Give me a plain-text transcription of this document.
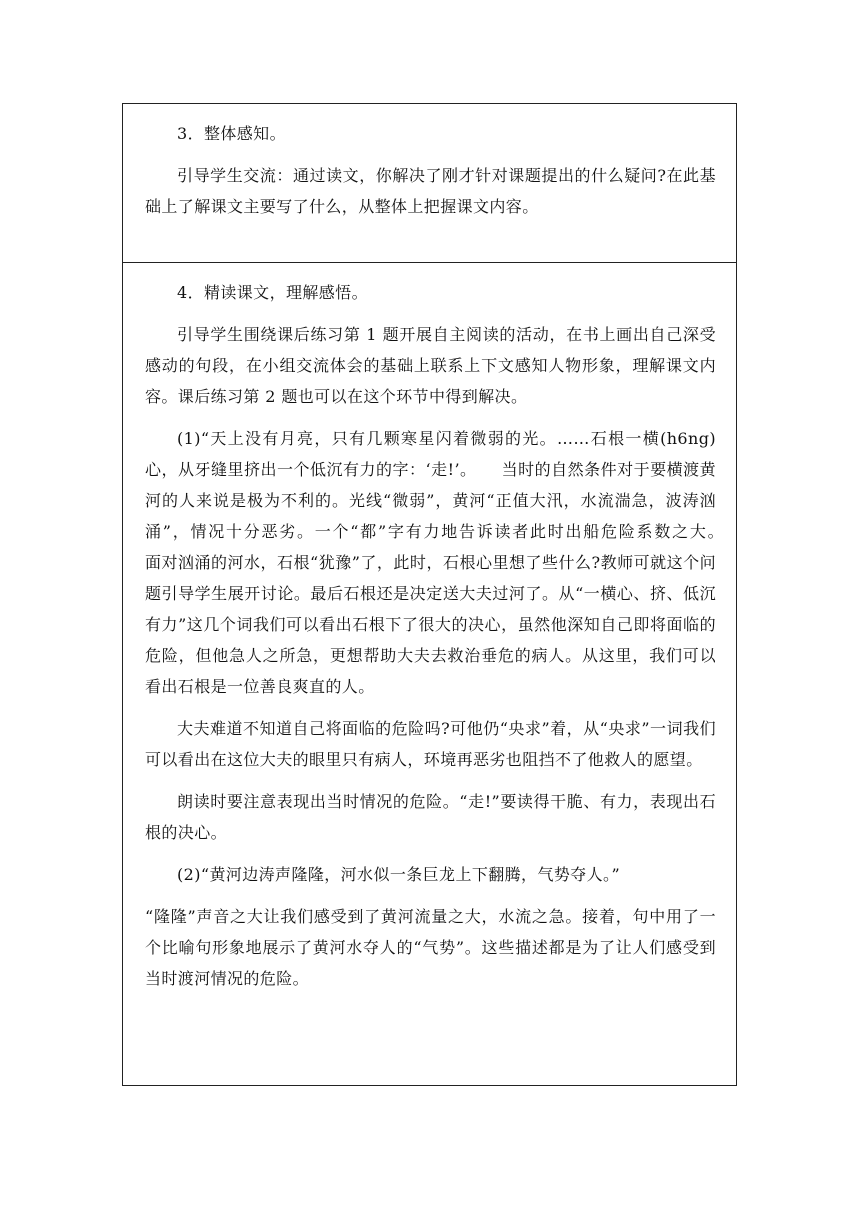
3．整体感知。

引导学生交流：通过读文，你解决了刚才针对课题提出的什么疑问?在此基础上了解课文主要写了什么，从整体上把握课文内容。

4．精读课文，理解感悟。

引导学生围绕课后练习第 1 题开展自主阅读的活动，在书上画出自己深受感动的句段，在小组交流体会的基础上联系上下文感知人物形象，理解课文内容。课后练习第 2 题也可以在这个环节中得到解决。

(1)“天上没有月亮，只有几颗寒星闪着微弱的光。……石根一横(h6ng)心，从牙缝里挤出一个低沉有力的字：‘走!’。　　当时的自然条件对于要横渡黄河的人来说是极为不利的。光线“微弱”，黄河“正值大汛，水流湍急，波涛汹涌”，情况十分恶劣。一个“都”字有力地告诉读者此时出船危险系数之大。　　面对汹涌的河水，石根“犹豫”了，此时，石根心里想了些什么?教师可就这个问题引导学生展开讨论。最后石根还是决定送大夫过河了。从“一横心、挤、低沉有力”这几个词我们可以看出石根下了很大的决心，虽然他深知自己即将面临的危险，但他急人之所急，更想帮助大夫去救治垂危的病人。从这里，我们可以看出石根是一位善良爽直的人。

大夫难道不知道自己将面临的危险吗?可他仍“央求”着，从“央求”一词我们可以看出在这位大夫的眼里只有病人，环境再恶劣也阻挡不了他救人的愿望。

朗读时要注意表现出当时情况的危险。“走!”要读得干脆、有力，表现出石根的决心。

(2)“黄河边涛声隆隆，河水似一条巨龙上下翻腾，气势夺人。”

“隆隆”声音之大让我们感受到了黄河流量之大，水流之急。接着，句中用了一个比喻句形象地展示了黄河水夺人的“气势”。这些描述都是为了让人们感受到当时渡河情况的危险。
